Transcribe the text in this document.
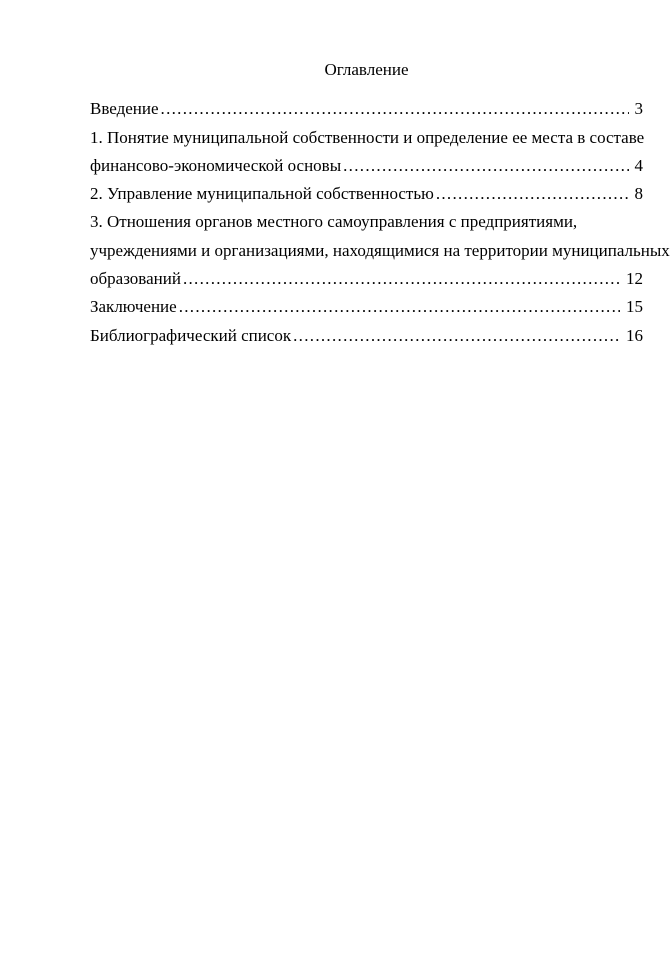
Оглавление
Введение .....	3
1. Понятие муниципальной собственности и определение ее места в составе
финансово-экономической основы .....	4
2. Управление муниципальной собственностью .....	8
3. Отношения органов местного самоуправления с предприятиями,
учреждениями и организациями, находящимися на территории муниципальных
образований .....	12
Заключение .....	15
Библиографический список .....	16
